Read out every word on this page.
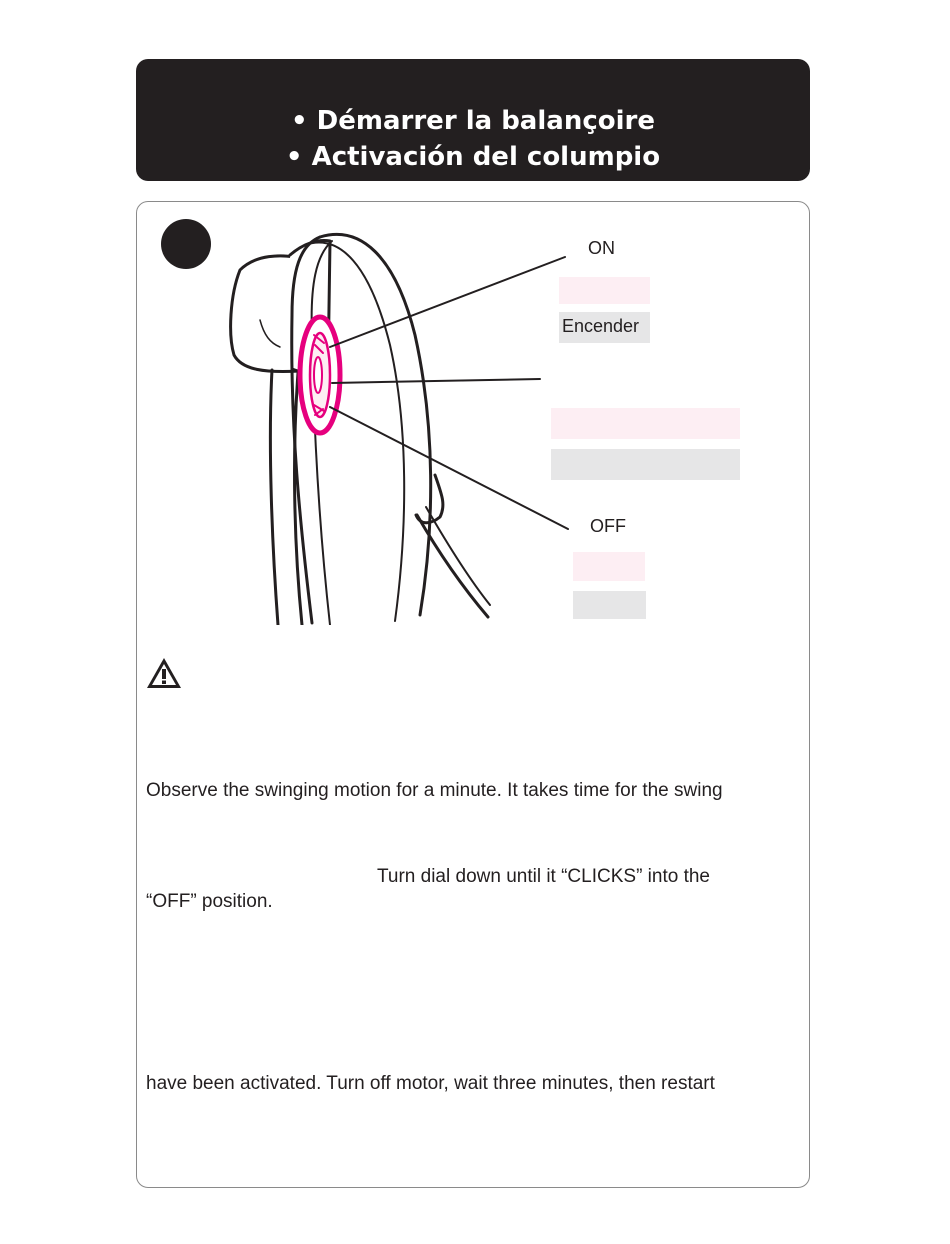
• Démarrer la balançoire
• Activación del columpio
ON
Encender
OFF
Observe the swinging motion for a minute. It takes time for the swing
Turn dial down until it “CLICKS” into the
“OFF” position.
have been activated. Turn off motor, wait three minutes, then restart
